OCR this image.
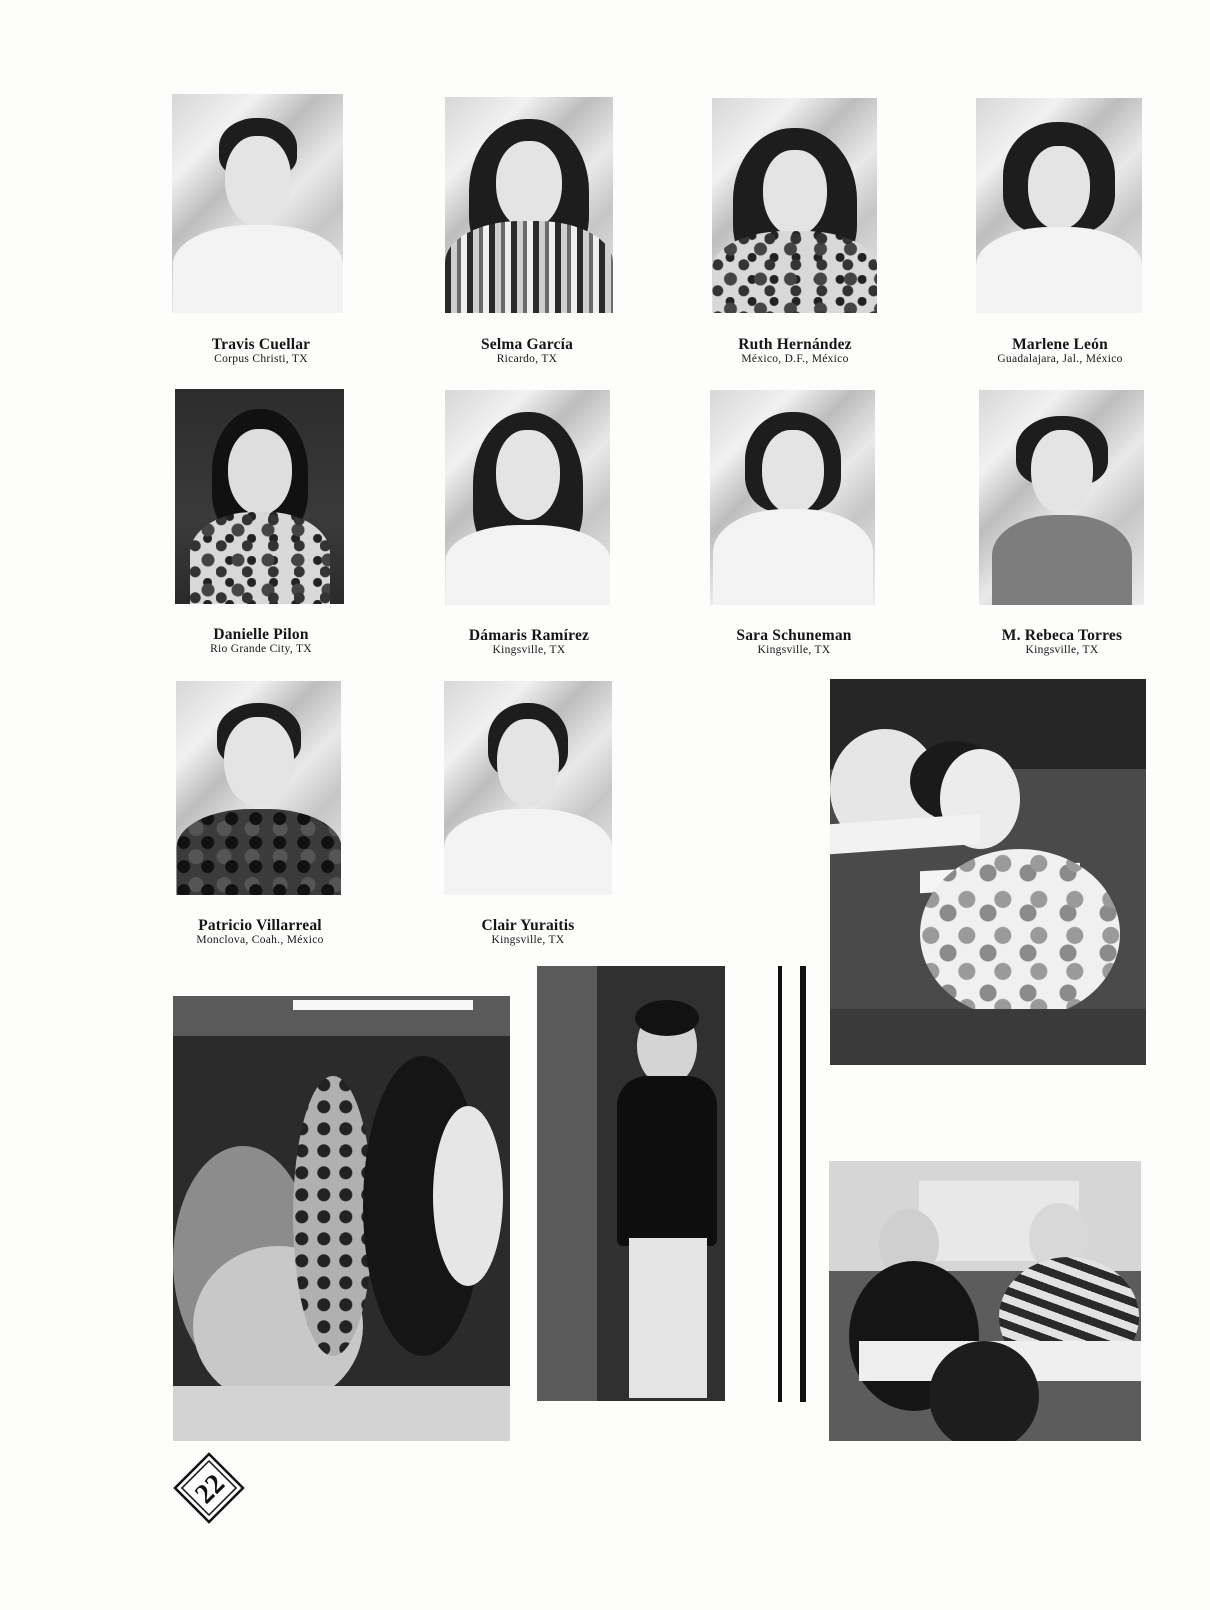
Travis Cuellar
Corpus Christi, TX
Selma García
Ricardo, TX
Ruth Hernández
México, D.F., México
Marlene León
Guadalajara, Jal., México
Danielle Pilon
Rio Grande City, TX
Dámaris Ramírez
Kingsville, TX
Sara Schuneman
Kingsville, TX
M. Rebeca Torres
Kingsville, TX
Patricio Villarreal
Monclova, Coah., México
Clair Yuraitis
Kingsville, TX
22
